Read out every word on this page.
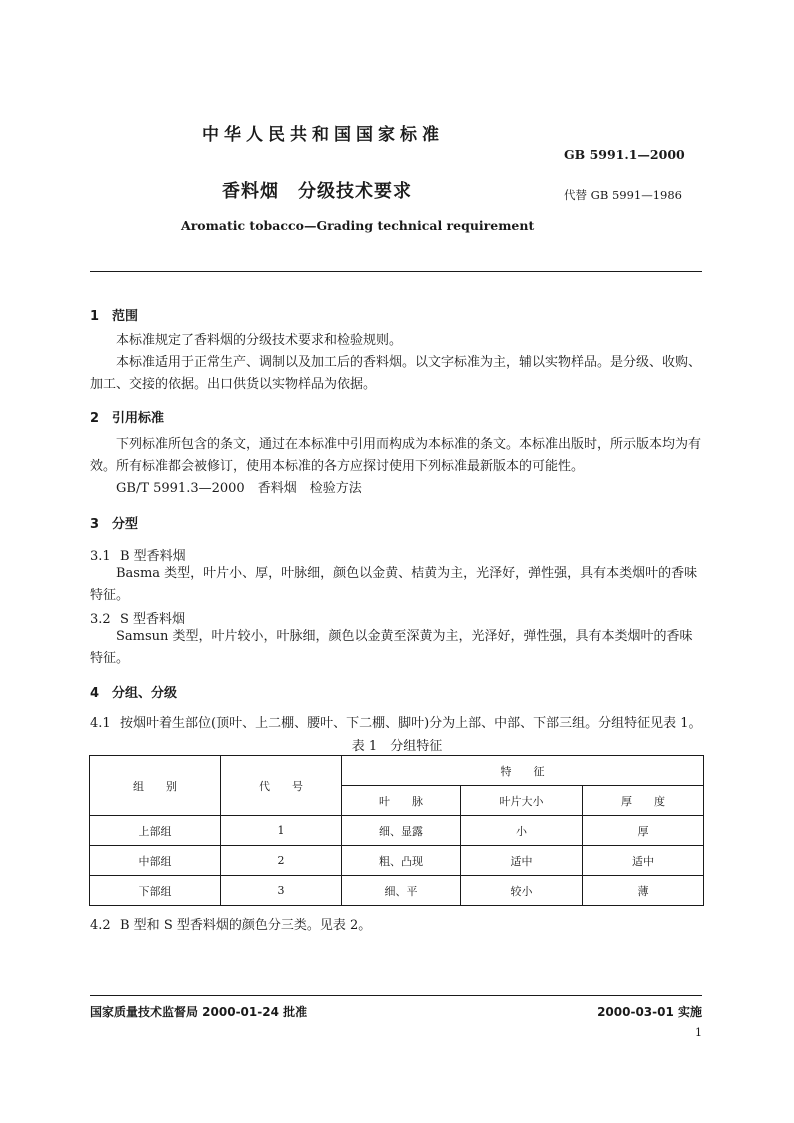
中华人民共和国国家标准
GB 5991.1—2000
香料烟　分级技术要求	代替 GB 5991—1986
Aromatic tobacco—Grading technical requirement
1 范围
本标准规定了香料烟的分级技术要求和检验规则。
本标准适用于正常生产、调制以及加工后的香料烟。以文字标准为主，辅以实物样品。是分级、收购、加工、交接的依据。出口供货以实物样品为依据。
2 引用标准
下列标准所包含的条文，通过在本标准中引用而构成为本标准的条文。本标准出版时，所示版本均为有效。所有标准都会被修订，使用本标准的各方应探讨使用下列标准最新版本的可能性。
GB/T 5991.3—2000　香料烟　检验方法
3 分型
3.1 B 型香料烟
Basma 类型，叶片小、厚，叶脉细，颜色以金黄、桔黄为主，光泽好，弹性强，具有本类烟叶的香味特征。
3.2 S 型香料烟
Samsun 类型，叶片较小，叶脉细，颜色以金黄至深黄为主，光泽好，弹性强，具有本类烟叶的香味特征。
4 分组、分级
4.1 按烟叶着生部位(顶叶、上二棚、腰叶、下二棚、脚叶)分为上部、中部、下部三组。分组特征见表 1。
表 1　分组特征
组　　别	代　　号	特　　征		
		叶　　脉	叶片大小	厚　　度
上部组	1	细、显露	小	厚
中部组	2	粗、凸现	适中	适中
下部组	3	细、平	较小	薄
4.2 B 型和 S 型香料烟的颜色分三类。见表 2。
国家质量技术监督局 2000-01-24 批准	2000-03-01 实施
1
